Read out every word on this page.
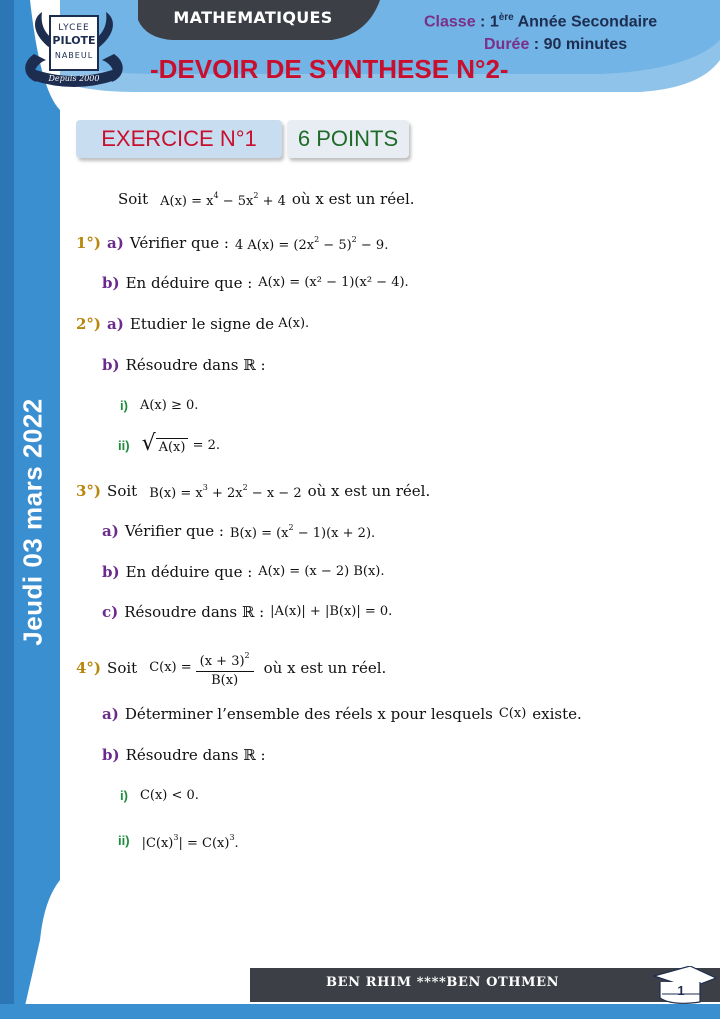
LYCEE
PILOTE
NABEUL
Depuis 2000
MATHEMATIQUES	Classe : 1ère Année Secondaire
Durée : 90 minutes
-DEVOIR DE SYNTHESE N°2-
Jeudi 03 mars 2022
EXERCICE N°1	6 POINTS
Soit $A(x) = x^4 - 5x^2 + 4$ où x est un réel.
1°) a) Vérifier que : 4 $A(x) = (2x^2 - 5)^2 - 9$.
b) En déduire que : A(x) = (x² − 1)(x² − 4).
2°) a) Etudier le signe de A(x).
b) Résoudre dans ℝ :
i) A(x) ≥ 0.
ii) √ A(x) = 2.
3°) Soit $B(x) = x^3 + 2x^2 - x - 2$ où x est un réel.
a) Vérifier que : $B(x) = (x^2 - 1)(x + 2)$.
b) En déduire que : A(x) = (x − 2) B(x).
c) Résoudre dans ℝ : |A(x)| + |B(x)| = 0.
4°) Soit $C(x) = \frac{(x + 3)^2}{B(x)}$ où x est un réel.
a) Déterminer l’ensemble des réels x pour lesquels C(x) existe.
b) Résoudre dans ℝ :
i) C(x) < 0.
ii) $|C(x)^3| = C(x)^3$.
BEN RHIM ****BEN OTHMEN
1
